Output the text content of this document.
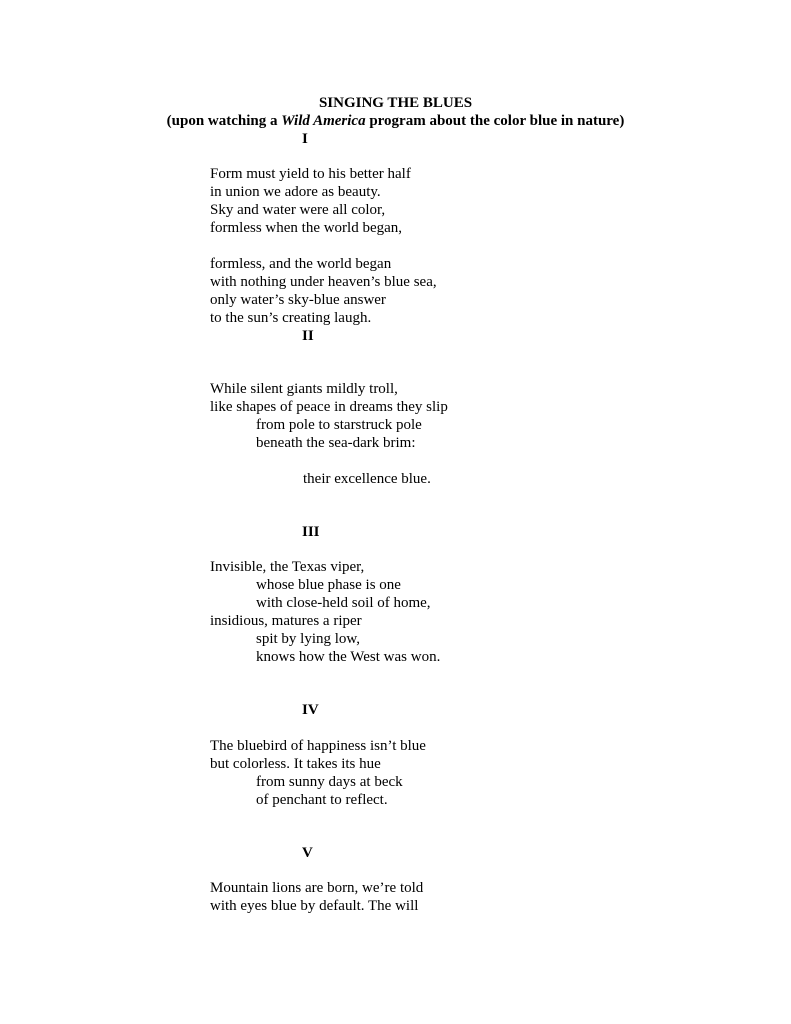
SINGING THE BLUES

(upon watching a Wild America program about the color blue in nature)

I

Form must yield to his better half

in union we adore as beauty.

Sky and water were all color,

formless when the world began,

formless, and the world began

with nothing under heaven’s blue sea,

only water’s sky-blue answer

to the sun’s creating laugh.

II

While silent giants mildly troll,

like shapes of peace in dreams they slip

from pole to starstruck pole

beneath the sea-dark brim:

their excellence blue.

III

Invisible, the Texas viper,

whose blue phase is one

with close-held soil of home,

insidious, matures a riper

spit by lying low,

knows how the West was won.

IV

The bluebird of happiness isn’t blue

but colorless. It takes its hue

from sunny days at beck

of penchant to reflect.

V

Mountain lions are born, we’re told

with eyes blue by default. The will
